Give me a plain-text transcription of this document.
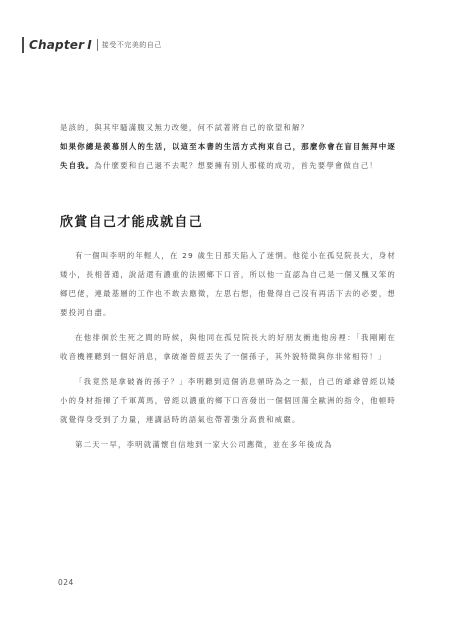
Chapter I 接受不完美的自己

是該的，與其牢騷滿腹又無力改變，何不試著將自己的欲望和解？

如果你總是羨慕別人的生活，以這至本書的生活方式拘束自己，那麼你會在盲目無拜中逐失自我。為什麼要和自己過不去呢？想要擁有別人那樣的成功，首先要學會做自己！

欣賞自己才能成就自己

有一個叫李明的年輕人，在 29 歲生日那天陷入了迷惘。他從小在孤兒院長大，身材矮小，長相普通，說話還有濃重的法國鄉下口音，所以他一直認為自己是一個又醜又笨的鄉巴佬，連最基層的工作也不敢去應徵，左思右想，他覺得自己沒有再活下去的必要，想要投河自盡。

在他徘徊於生死之間的時候，與他同在孤兒院長大的好朋友衝進他房裡：「我剛剛在收音機裡聽到一個好消息，拿破崙曾經丟失了一個孫子，其外貌特徵與你非常相符！」

「我竟然是拿破崙的孫子？」李明聽到這個消息頓時為之一振，自己的爺爺曾經以矮小的身材指揮了千軍萬馬，曾經以濃重的鄉下口音發出一個個回蕩全歐洲的指令，他頓時就覺得身受到了力量，連講話時的語氣也帶著強分高貴和威嚴。

第二天一早，李明就滿懷自信地到一家大公司應徵，並在多年後成為

024
